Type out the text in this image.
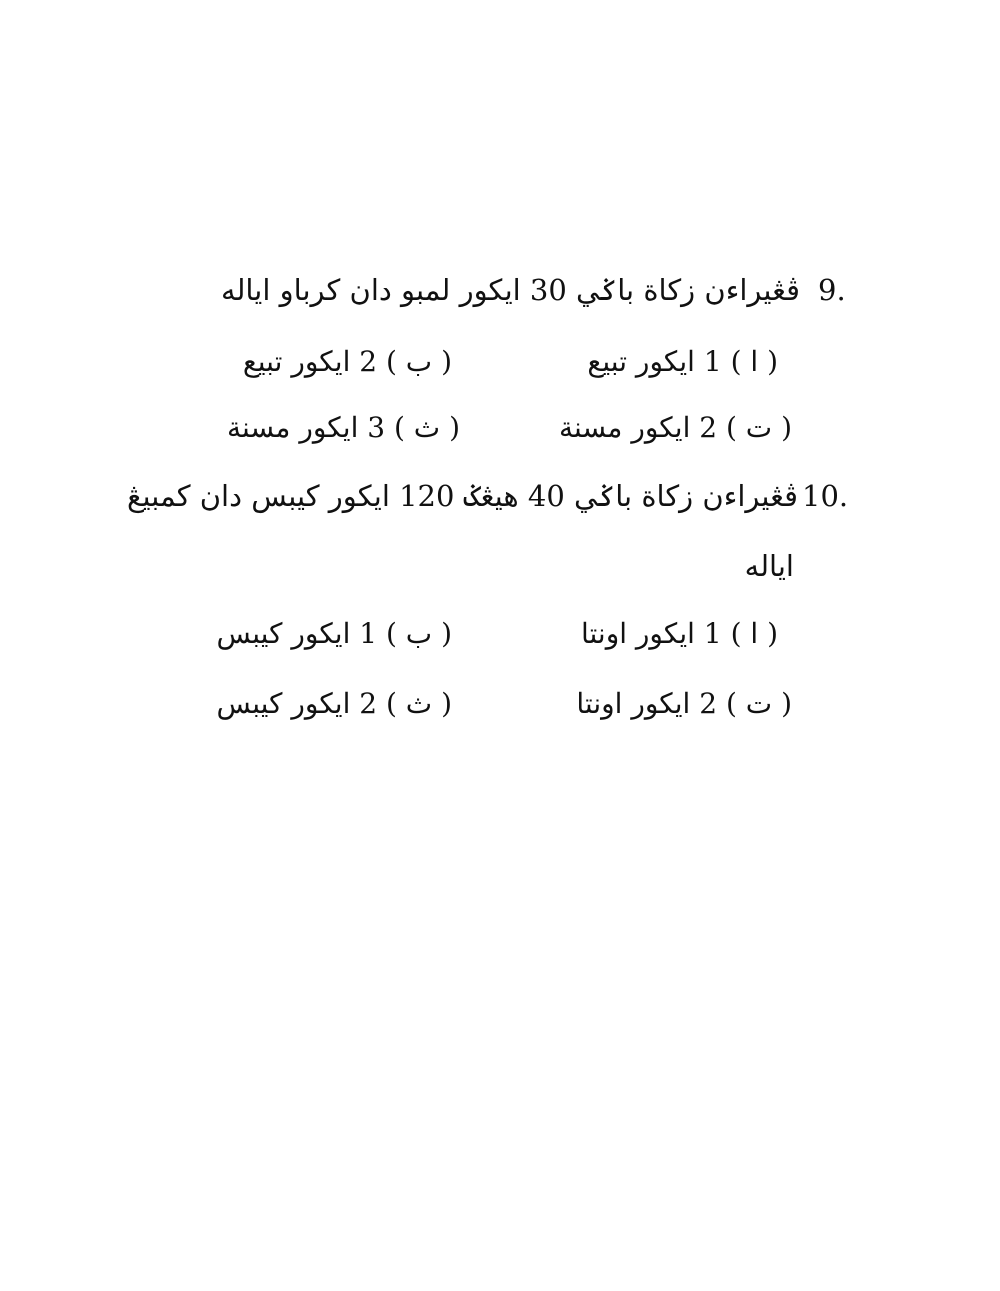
9.
ڤڠيراءن زكاة باݢي 30 ايكور لمبو دان كرباو اياله
( ا ) 1 ايكور تبيع
( ب ) 2 ايكور تبيع
( ت ) 2 ايكور مسنة
( ث ) 3 ايكور مسنة
10.
ڤڠيراءن زكاة باݢي 40 هيڠݢ 120 ايكور كيبس دان كمبيڠ
اياله
( ا ) 1 ايكور اونتا
( ب ) 1 ايكور كيبس
( ت ) 2 ايكور اونتا
( ث ) 2 ايكور كيبس
